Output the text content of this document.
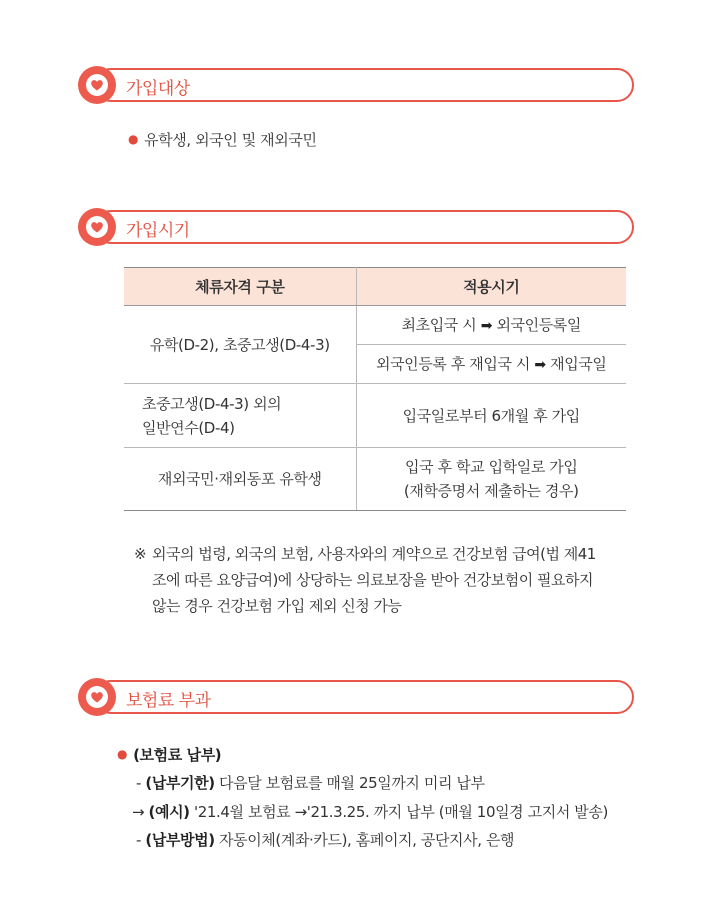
가입대상
● 유학생, 외국인 및 재외국민
가입시기
체류자격 구분	적용시기
유학(D-2), 초중고생(D-4-3)	최초입국 시 ➡ 외국인등록일
	외국인등록 후 재입국 시 ➡ 재입국일

초중고생(D-4-3) 외의
일반연수(D-4)	입국일로부터 6개월 후 가입
재외국민·재외동포 유학생	입국 후 학교 입학일로 가입
(재학증명서 제출하는 경우)
※ 외국의 법령, 외국의 보험, 사용자와의 계약으로 건강보험 급여(법 제41
조에 따른 요양급여)에 상당하는 의료보장을 받아 건강보험이 필요하지
않는 경우 건강보험 가입 제외 신청 가능
보험료 부과
● (보험료 납부)
- (납부기한) 다음달 보험료를 매월 25일까지 미리 납부
→ (예시) '21.4월 보험료 →'21.3.25. 까지 납부 (매월 10일경 고지서 발송)
- (납부방법) 자동이체(계좌·카드), 홈페이지, 공단지사, 은행
